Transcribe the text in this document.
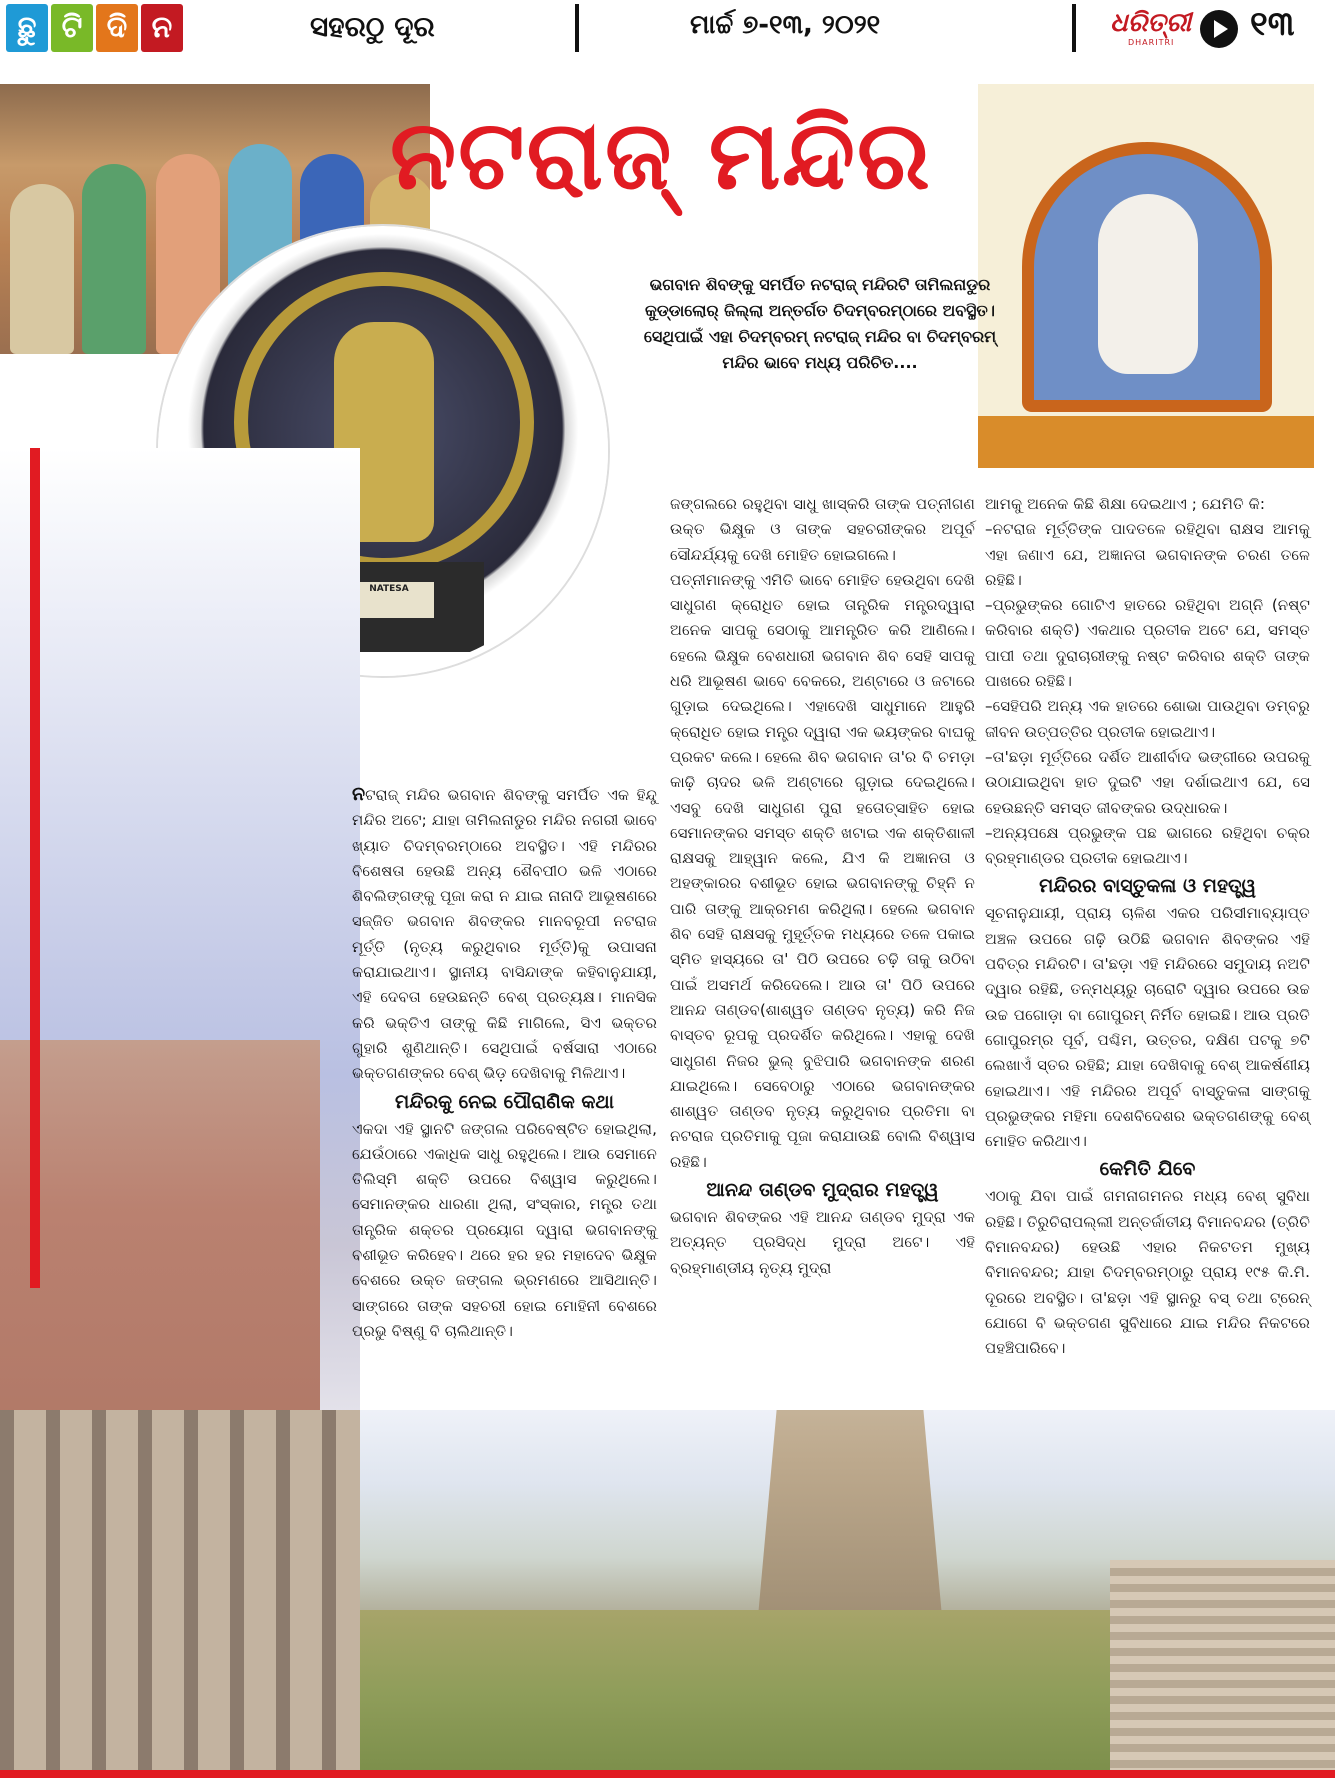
ଛୁ ଟି ଦି ନ	ସହରଠୁ ଦୂର	ମାର୍ଚ୍ଚ ୭-୧୩, ୨୦୨୧	ଧରିତ୍ରୀ
DHARITRI ୧୩
ନଟରାଜ୍ ମନ୍ଦିର
ଭଗବାନ ଶିବଙ୍କୁ ସମର୍ପିତ ନଟରାଜ୍ ମନ୍ଦିରଟି ତାମିଲନାଡୁର କୁଡ୍ଡାଲୋର୍ ଜିଲ୍ଲା ଅନ୍ତର୍ଗତ ଚିଦମ୍ବରମ୍‌ଠାରେ ଅବସ୍ଥିତ। ସେଥିପାଇଁ ଏହା ଚିଦମ୍ବରମ୍ ନଟରାଜ୍ ମନ୍ଦିର ବା ଚିଦମ୍ବରମ୍ ମନ୍ଦିର ଭାବେ ମଧ୍ୟ ପରିଚିତ....
NATESA

ନଟରାଜ୍ ମନ୍ଦିର ଭଗବାନ ଶିବଙ୍କୁ ସମର୍ପିତ ଏକ ହିନ୍ଦୁ ମନ୍ଦିର ଅଟେ; ଯାହା ତାମିଲନାଡୁର ମନ୍ଦିର ନଗରୀ ଭାବେ ଖ୍ୟାତ ଚିଦମ୍ବରମ୍‌ଠାରେ ଅବସ୍ଥିତ। ଏହି ମନ୍ଦିରର ବିଶେଷତା ହେଉଛି ଅନ୍ୟ ଶୈବପୀଠ ଭଳି ଏଠାରେ ଶିବଲିଙ୍ଗଙ୍କୁ ପୂଜା କରା ନ ଯାଇ ନାନାଦି ଆଭୂଷଣରେ ସଜ୍ଜିତ ଭଗବାନ ଶିବଙ୍କର ମାନବରୂପୀ ନଟରାଜ ମୂର୍ତ୍ତି (ନୃତ୍ୟ କରୁଥିବାର ମୂର୍ତ୍ତି)କୁ ଉପାସନା କରାଯାଇଥାଏ। ସ୍ଥାନୀୟ ବାସିନ୍ଦାଙ୍କ କହିବାନୁଯାୟୀ, ଏହି ଦେବତା ହେଉଛନ୍ତି ବେଶ୍ ପ୍ରତ୍ୟକ୍ଷ। ମାନସିକ କରି ଭକ୍ତିଏ ତାଙ୍କୁ କିଛି ମାଗିଲେ, ସିଏ ଭକ୍ତର ଗୁହାରି ଶୁଣିଥାନ୍ତି। ସେଥିପାଇଁ ବର୍ଷସାରା ଏଠାରେ ଭକ୍ତଗଣଙ୍କର ବେଶ୍ ଭିଡ଼ ଦେଖିବାକୁ ମିଳିଥାଏ।

ମନ୍ଦିରକୁ ନେଇ ପୌରାଣିକ କଥା

ଏକଦା ଏହି ସ୍ଥାନଟି ଜଙ୍ଗଲ ପରିବେଷ୍ଟିତ ହୋଇଥିଲା, ଯେଉଁଠାରେ ଏକାଧିକ ସାଧୁ ରହୁଥିଲେ। ଆଉ ସେମାନେ ତିଲିସ୍ମି ଶକ୍ତି ଉପରେ ବିଶ୍ୱାସ କରୁଥିଲେ। ସେମାନଙ୍କର ଧାରଣା ଥିଲା, ସଂସ୍କାର, ମନ୍ତ୍ର ତଥା ତାନ୍ତ୍ରିକ ଶକ୍ତର ପ୍ରୟୋଗ ଦ୍ୱାରା ଭଗବାନଙ୍କୁ ବଶୀଭୂତ କରିହେବ। ଥରେ ହର ହର ମହାଦେବ ଭିକ୍ଷୁକ ବେଶରେ ଉକ୍ତ ଜଙ୍ଗଲ ଭ୍ରମଣରେ ଆସିଥାନ୍ତି। ସାଙ୍ଗରେ ତାଙ୍କ ସହଚରୀ ହୋଇ ମୋହିନୀ ବେଶରେ ପ୍ରଭୁ ବିଷ୍ଣୁ ବି ଚାଲିଥାନ୍ତି।

ଜଙ୍ଗଲରେ ରହୁଥିବା ସାଧୁ ଖାସ୍‌କରି ତାଙ୍କ ପତ୍ନୀଗଣ ଉକ୍ତ ଭିକ୍ଷୁକ ଓ ତାଙ୍କ ସହଚରୀଙ୍କର ଅପୂର୍ବ ସୌନ୍ଦର୍ଯ୍ୟକୁ ଦେଖି ମୋହିତ ହୋଇଗଲେ।

ପତ୍ନୀମାନଙ୍କୁ ଏମିତି ଭାବେ ମୋହିତ ହେଉଥିବା ଦେଖି ସାଧୁଗଣ କ୍ରୋଧିତ ହୋଇ ତାନ୍ତ୍ରିକ ମନ୍ତ୍ରଦ୍ୱାରା ଅନେକ ସାପକୁ ସେଠାକୁ ଆମନ୍ତ୍ରିତ କରି ଆଣିଲେ। ହେଲେ ଭିକ୍ଷୁକ ବେଶଧାରୀ ଭଗବାନ ଶିବ ସେହି ସାପକୁ ଧରି ଆଭୂଷଣ ଭାବେ ବେକରେ, ଅଣ୍ଟାରେ ଓ ଜଟାରେ ଗୁଡ଼ାଇ ଦେଇଥିଲେ। ଏହାଦେଖି ସାଧୁମାନେ ଆହୁରି କ୍ରୋଧିତ ହୋଇ ମନ୍ତ୍ର ଦ୍ୱାରା ଏକ ଭୟଙ୍କର ବାଘକୁ ପ୍ରକଟ କଲେ। ହେଲେ ଶିବ ଭଗବାନ ତା'ର ବି ଚମଡ଼ା କାଢ଼ି ଚାଦର ଭଳି ଅଣ୍ଟାରେ ଗୁଡ଼ାଇ ଦେଇଥିଲେ। ଏସବୁ ଦେଖି ସାଧୁଗଣ ପୁରା ହତୋତ୍ସାହିତ ହୋଇ ସେମାନଙ୍କର ସମସ୍ତ ଶକ୍ତି ଖଟାଇ ଏକ ଶକ୍ତିଶାଳୀ ରାକ୍ଷସକୁ ଆହ୍ୱାନ କଲେ, ଯିଏ କି ଅଜ୍ଞାନତା ଓ ଅହଙ୍କାରର ବଶୀଭୂତ ହୋଇ ଭଗବାନଙ୍କୁ ଚିହ୍ନି ନ ପାରି ତାଙ୍କୁ ଆକ୍ରମଣ କରିଥିଲା। ହେଲେ ଭଗବାନ ଶିବ ସେହି ରାକ୍ଷସକୁ ମୁହୂର୍ତ୍ତକ ମଧ୍ୟରେ ତଳେ ପକାଇ ସ୍ମିତ ହାସ୍ୟରେ ତା' ପିଠି ଉପରେ ଚଢ଼ି ତାକୁ ଉଠିବା ପାଇଁ ଅସମର୍ଥ କରିଦେଲେ। ଆଉ ତା' ପିଠି ଉପରେ ଆନନ୍ଦ ତାଣ୍ଡବ(ଶାଶ୍ୱତ ତାଣ୍ଡବ ନୃତ୍ୟ) କରି ନିଜ ବାସ୍ତବ ରୂପକୁ ପ୍ରଦର୍ଶିତ କରିଥିଲେ। ଏହାକୁ ଦେଖି ସାଧୁଗଣ ନିଜର ଭୁଲ୍ ବୁଝିପାରି ଭଗବାନଙ୍କ ଶରଣ ଯାଇଥିଲେ। ସେବେଠାରୁ ଏଠାରେ ଭଗବାନଙ୍କର ଶାଶ୍ୱତ ତାଣ୍ଡବ ନୃତ୍ୟ କରୁଥିବାର ପ୍ରତିମା ବା ନଟରାଜ ପ୍ରତିମାକୁ ପୂଜା କରାଯାଉଛି ବୋଲି ବିଶ୍ୱାସ ରହିଛି।

ଆନନ୍ଦ ତାଣ୍ଡବ ମୁଦ୍ରାର ମହତ୍ତ୍ୱ

ଭଗବାନ ଶିବଙ୍କର ଏହି ଆନନ୍ଦ ତାଣ୍ଡବ ମୁଦ୍ରା ଏକ ଅତ୍ୟନ୍ତ ପ୍ରସିଦ୍ଧ ମୁଦ୍ରା ଅଟେ। ଏହି ବ୍ରହ୍ମାଣ୍ଡୀୟ ନୃତ୍ୟ ମୁଦ୍ରା

ଆମକୁ ଅନେକ କିଛି ଶିକ୍ଷା ଦେଇଥାଏ ; ଯେମିତି କି:

–ନଟରାଜ ମୂର୍ତ୍ତିଙ୍କ ପାଦତଳେ ରହିଥିବା ରାକ୍ଷସ ଆମକୁ ଏହା ଜଣାଏ ଯେ, ଅଜ୍ଞାନତା ଭଗବାନଙ୍କ ଚରଣ ତଳେ ରହିଛି।

–ପ୍ରଭୁଙ୍କର ଗୋଟିଏ ହାତରେ ରହିଥିବା ଅଗ୍ନି (ନଷ୍ଟ କରିବାର ଶକ୍ତି) ଏକଥାର ପ୍ରତୀକ ଅଟେ ଯେ, ସମସ୍ତ ପାପୀ ତଥା ଦୁରାଚାରୀଙ୍କୁ ନଷ୍ଟ କରିବାର ଶକ୍ତି ତାଙ୍କ ପାଖରେ ରହିଛି।

–ସେହିପରି ଅନ୍ୟ ଏକ ହାତରେ ଶୋଭା ପାଉଥିବା ଡମ୍ବରୁ ଜୀବନ ଉତ୍ପତ୍ତିର ପ୍ରତୀକ ହୋଇଥାଏ।

–ତା'ଛଡ଼ା ମୂର୍ତ୍ତିରେ ଦର୍ଶିତ ଆଶୀର୍ବାଦ ଭଙ୍ଗୀରେ ଉପରକୁ ଉଠାଯାଇଥିବା ହାତ ଦୁଇଟି ଏହା ଦର୍ଶାଇଥାଏ ଯେ, ସେ ହେଉଛନ୍ତି ସମସ୍ତ ଜୀବଙ୍କର ଉଦ୍ଧାରକ।

–ଅନ୍ୟପକ୍ଷେ ପ୍ରଭୁଙ୍କ ପଛ ଭାଗରେ ରହିଥିବା ଚକ୍ର ବ୍ରହ୍ମାଣ୍ଡର ପ୍ରତୀକ ହୋଇଥାଏ।

ମନ୍ଦିରର ବାସ୍ତୁକଳା ଓ ମହତ୍ତ୍ୱ

ସୂଚନାନୁଯାୟୀ, ପ୍ରାୟ ଚାଳିଶ ଏକର ପରିସୀମାବ୍ୟାପ୍ତ ଅଞ୍ଚଳ ଉପରେ ଗଢ଼ି ଉଠିଛି ଭଗବାନ ଶିବଙ୍କର ଏହି ପବିତ୍ର ମନ୍ଦିରଟି। ତା'ଛଡ଼ା ଏହି ମନ୍ଦିରରେ ସମୁଦାୟ ନଅଟି ଦ୍ୱାର ରହିଛି, ତନ୍ମଧ୍ୟରୁ ଚାରୋଟି ଦ୍ୱାର ଉପରେ ଉଚ୍ଚ ଉଚ୍ଚ ପଗୋଡ଼ା ବା ଗୋପୁରମ୍ ନିର୍ମିତ ହୋଇଛି। ଆଉ ପ୍ରତି ଗୋପୁରମ୍‌ର ପୂର୍ବ, ପଶ୍ଚିମ, ଉତ୍ତର, ଦକ୍ଷିଣ ପଟକୁ ୭ଟି ଲେଖାଏଁ ସ୍ତର ରହିଛି; ଯାହା ଦେଖିବାକୁ ବେଶ୍ ଆକର୍ଷଣୀୟ ହୋଇଥାଏ। ଏହି ମନ୍ଦିରର ଅପୂର୍ବ ବାସ୍ତୁକଳା ସାଙ୍ଗକୁ ପ୍ରଭୁଙ୍କର ମହିମା ଦେଶବିଦେଶର ଭକ୍ତଗଣଙ୍କୁ ବେଶ୍ ମୋହିତ କରିଥାଏ।

କେମିତି ଯିବେ

ଏଠାକୁ ଯିବା ପାଇଁ ଗମନାଗମନର ମଧ୍ୟ ବେଶ୍ ସୁବିଧା ରହିଛି। ତିରୁଚିରାପଲ୍ଲୀ ଅନ୍ତର୍ଜାତୀୟ ବିମାନବନ୍ଦର (ତ୍ରିଚି ବିମାନବନ୍ଦର) ହେଉଛି ଏହାର ନିକଟତମ ମୁଖ୍ୟ ବିମାନବନ୍ଦର; ଯାହା ଚିଦମ୍ବରମ୍‌ଠାରୁ ପ୍ରାୟ ୧୯୫ କି.ମି. ଦୂରରେ ଅବସ୍ଥିତ। ତା'ଛଡ଼ା ଏହି ସ୍ଥାନରୁ ବସ୍ ତଥା ଟ୍ରେନ୍ ଯୋଗେ ବି ଭକ୍ତଗଣ ସୁବିଧାରେ ଯାଇ ମନ୍ଦିର ନିକଟରେ ପହଞ୍ଚିପାରିବେ।
